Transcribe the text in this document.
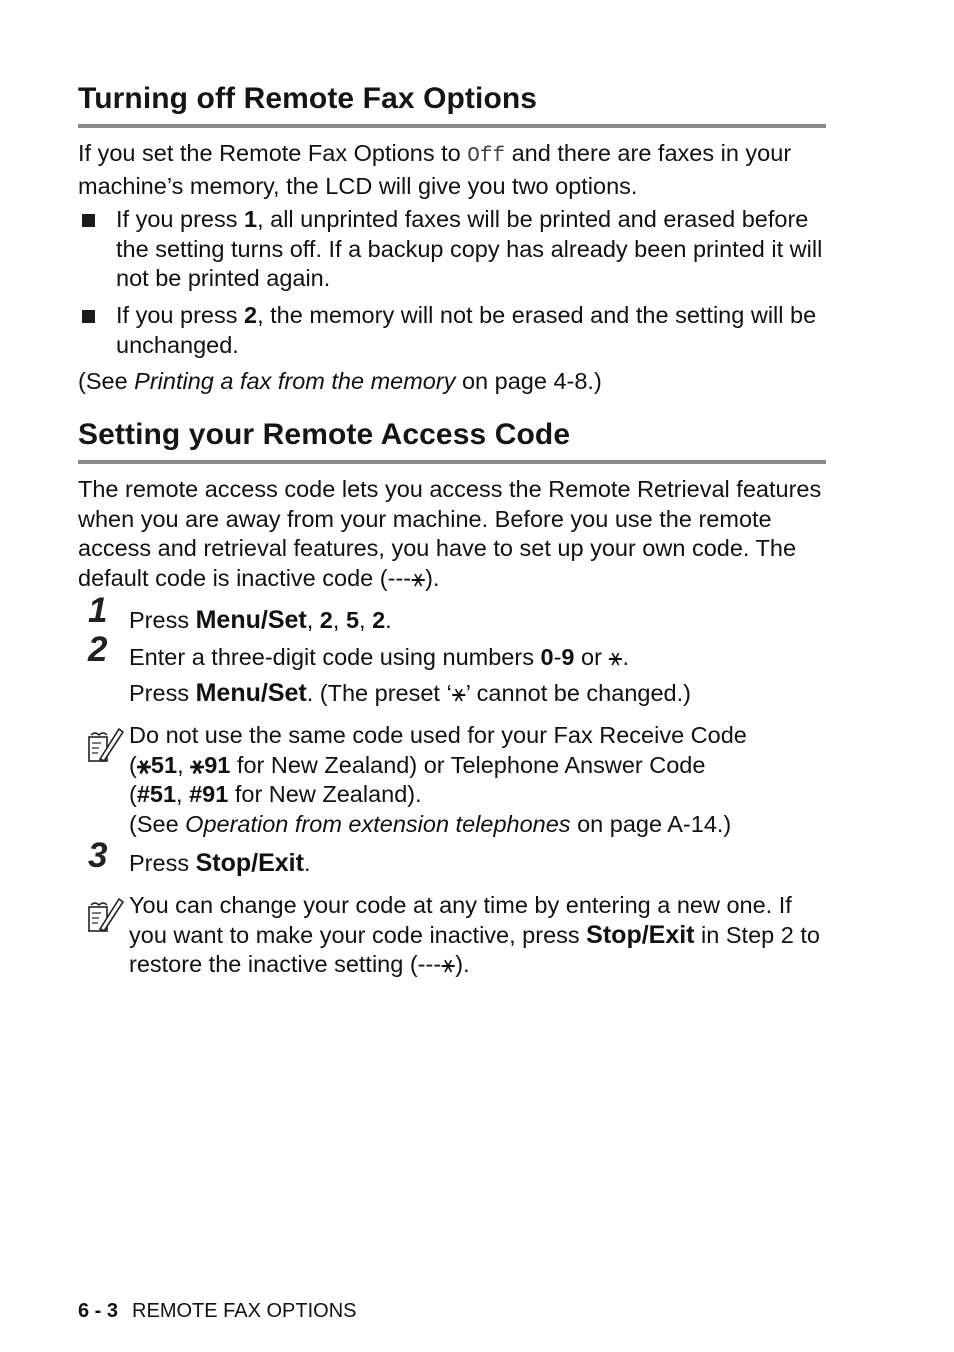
Turning off Remote Fax Options

If you set the Remote Fax Options to Off and there are faxes in your machine’s memory, the LCD will give you two options.

If you press 1, all unprinted faxes will be printed and erased before the setting turns off. If a backup copy has already been printed it will not be printed again.
If you press 2, the memory will not be erased and the setting will be unchanged.

(See Printing a fax from the memory on page 4-8.)

Setting your Remote Access Code

The remote access code lets you access the Remote Retrieval features when you are away from your machine. Before you use the remote access and retrieval features, you have to set up your own code. The default code is inactive code (---⚹).

1 Press Menu/Set, 2, 5, 2.
2 Enter a three-digit code using numbers 0-9 or ⚹.
Press Menu/Set. (The preset ‘⚹’ cannot be changed.)
Do not use the same code used for your Fax Receive Code
(⚹51, ⚹91 for New Zealand) or Telephone Answer Code
(#51, #91 for New Zealand).
(See Operation from extension telephones on page A-14.)
3 Press Stop/Exit.
You can change your code at any time by entering a new one. If you want to make your code inactive, press Stop/Exit in Step 2 to restore the inactive setting (---⚹).
6 - 3 REMOTE FAX OPTIONS
